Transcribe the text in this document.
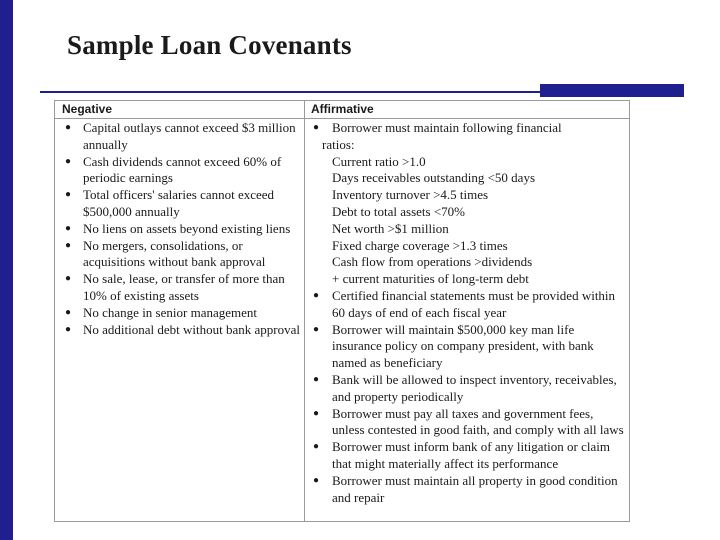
Sample Loan Covenants
Negative	Affirmative
● Capital outlays cannot exceed $3 million annually
● Cash dividends cannot exceed 60% of periodic earnings
● Total officers' salaries cannot exceed $500,000 annually
● No liens on assets beyond existing liens
● No mergers, consolidations, or acquisitions without bank approval
● No sale, lease, or transfer of more than 10% of existing assets
● No change in senior management
● No additional debt without bank approval
● Borrower must maintain following financial
ratios:
Current ratio >1.0
Days receivables outstanding <50 days
Inventory turnover >4.5 times
Debt to total assets <70%
Net worth >$1 million
Fixed charge coverage >1.3 times
Cash flow from operations >dividends
+ current maturities of long-term debt
● Certified financial statements must be provided within 60 days of end of each fiscal year
● Borrower will maintain $500,000 key man life insurance policy on company president, with bank named as beneficiary
● Bank will be allowed to inspect inventory, receivables, and property periodically
● Borrower must pay all taxes and government fees, unless contested in good faith, and comply with all laws
● Borrower must inform bank of any litigation or claim that might materially affect its performance
● Borrower must maintain all property in good condition and repair
